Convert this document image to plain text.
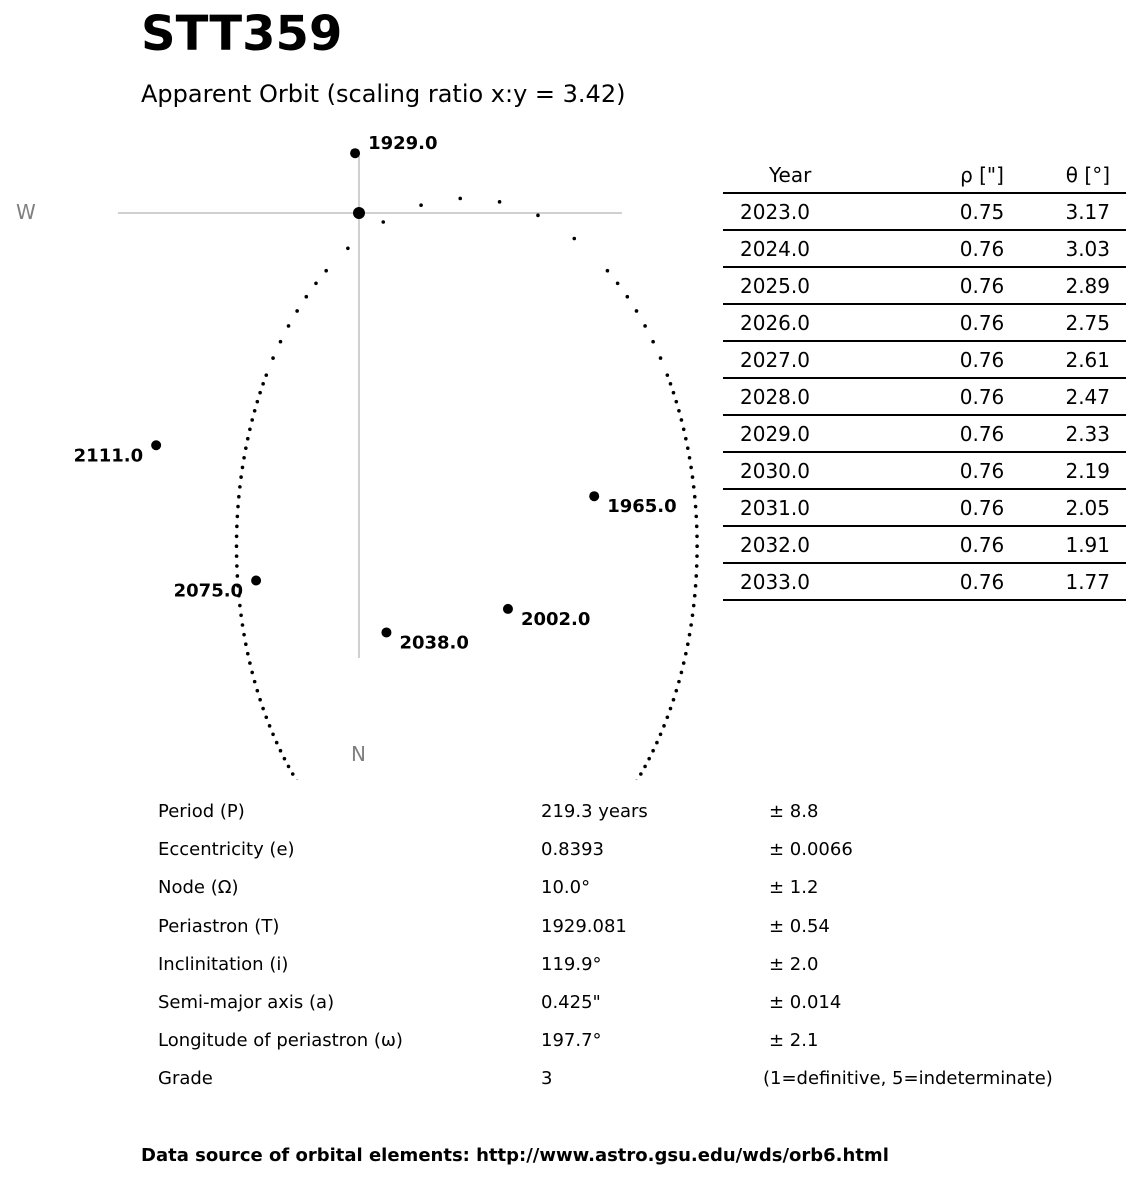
STT359
Apparent Orbit (scaling ratio x:y = 3.42)
1929.0
1965.0
2002.0
2038.0
2075.0
2111.0
W
N
Year	ρ ["]	θ [°]
2023.0	0.75	3.17
2024.0	0.76	3.03
2025.0	0.76	2.89
2026.0	0.76	2.75
2027.0	0.76	2.61
2028.0	0.76	2.47
2029.0	0.76	2.33
2030.0	0.76	2.19
2031.0	0.76	2.05
2032.0	0.76	1.91
2033.0	0.76	1.77
Period (P)	219.3 years	± 8.8
Eccentricity (e)	0.8393	± 0.0066
Node (Ω)	10.0°	± 1.2
Periastron (T)	1929.081	± 0.54
Inclinitation (i)	119.9°	± 2.0
Semi-major axis (a)	0.425"	± 0.014
Longitude of periastron (ω)	197.7°	± 2.1
Grade	3	(1=definitive, 5=indeterminate)
Data source of orbital elements: http://www.astro.gsu.edu/wds/orb6.html
